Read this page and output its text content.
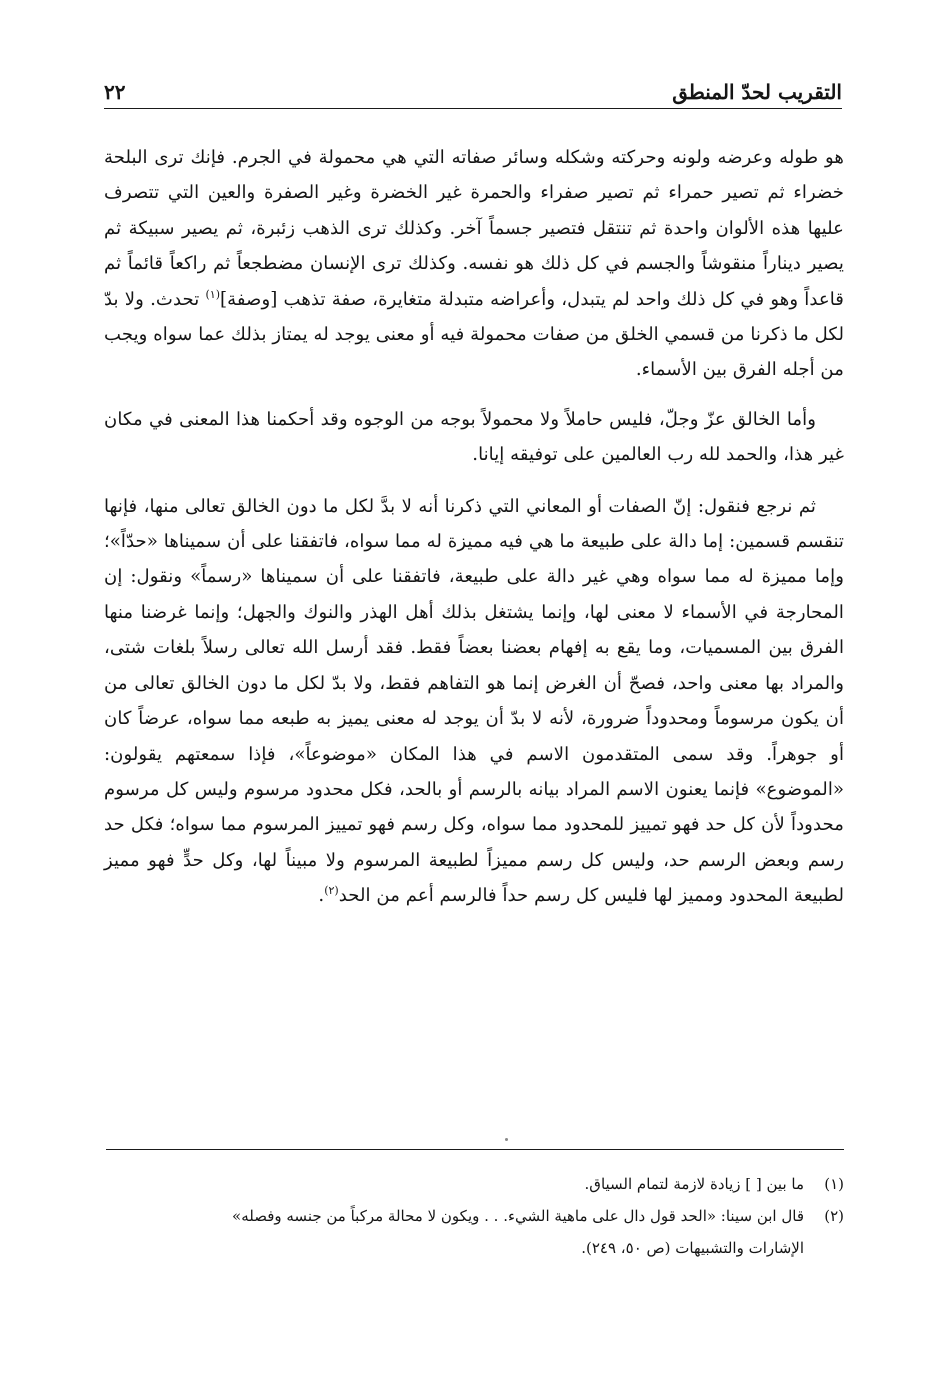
التقريب لحدّ المنطق
٢٢

هو طوله وعرضه ولونه وحركته وشكله وسائر صفاته التي هي محمولة في الجرم. فإنك ترى البلحة خضراء ثم تصير حمراء ثم تصير صفراء والحمرة غير الخضرة وغير الصفرة والعين التي تتصرف عليها هذه الألوان واحدة ثم تنتقل فتصير جسماً آخر. وكذلك ترى الذهب زئبرة، ثم يصير سبيكة ثم يصير ديناراً منقوشاً والجسم في كل ذلك هو نفسه. وكذلك ترى الإنسان مضطجعاً ثم راكعاً قائماً ثم قاعداً وهو في كل ذلك واحد لم يتبدل، وأعراضه متبدلة متغايرة، صفة تذهب [وصفة]$^{(١)}$ تحدث. ولا بدّ لكل ما ذكرنا من قسمي الخلق من صفات محمولة فيه أو معنى يوجد له يمتاز بذلك عما سواه ويجب من أجله الفرق بين الأسماء.

وأما الخالق عزّ وجلّ، فليس حاملاً ولا محمولاً بوجه من الوجوه وقد أحكمنا هذا المعنى في مكان غير هذا، والحمد لله رب العالمين على توفيقه إيانا.

ثم نرجع فنقول: إنّ الصفات أو المعاني التي ذكرنا أنه لا بدَّ لكل ما دون الخالق تعالى منها، فإنها تنقسم قسمين: إما دالة على طبيعة ما هي فيه مميزة له مما سواه، فاتفقنا على أن سميناها «حدّاً»؛ وإما مميزة له مما سواه وهي غير دالة على طبيعة، فاتفقنا على أن سميناها «رسماً» ونقول: إن المحارجة في الأسماء لا معنى لها، وإنما يشتغل بذلك أهل الهذر والنوك والجهل؛ وإنما غرضنا منها الفرق بين المسميات، وما يقع به إفهام بعضنا بعضاً فقط. فقد أرسل الله تعالى رسلاً بلغات شتى، والمراد بها معنى واحد، فصحّ أن الغرض إنما هو التفاهم فقط، ولا بدّ لكل ما دون الخالق تعالى من أن يكون مرسوماً ومحدوداً ضرورة، لأنه لا بدّ أن يوجد له معنى يميز به طبعه مما سواه، عرضاً كان أو جوهراً. وقد سمى المتقدمون الاسم في هذا المكان «موضوعاً»، فإذا سمعتهم يقولون: «الموضوع» فإنما يعنون الاسم المراد بيانه بالرسم أو بالحد، فكل محدود مرسوم وليس كل مرسوم محدوداً لأن كل حد فهو تمييز للمحدود مما سواه، وكل رسم فهو تمييز المرسوم مما سواه؛ فكل حد رسم وبعض الرسم حد، وليس كل رسم مميزاً لطبيعة المرسوم ولا مبيناً لها، وكل حدٍّ فهو مميز لطبيعة المحدود ومميز لها فليس كل رسم حداً فالرسم أعم من الحد$^{(٢)}$.

(١)
ما بين [ ] زيادة لازمة لتمام السياق.

(٢)
قال ابن سينا: «الحد قول دال على ماهية الشيء. . . ويكون لا محالة مركباً من جنسه وفصله»

الإشارات والتشبيهات (ص ٥٠، ٢٤٩).
